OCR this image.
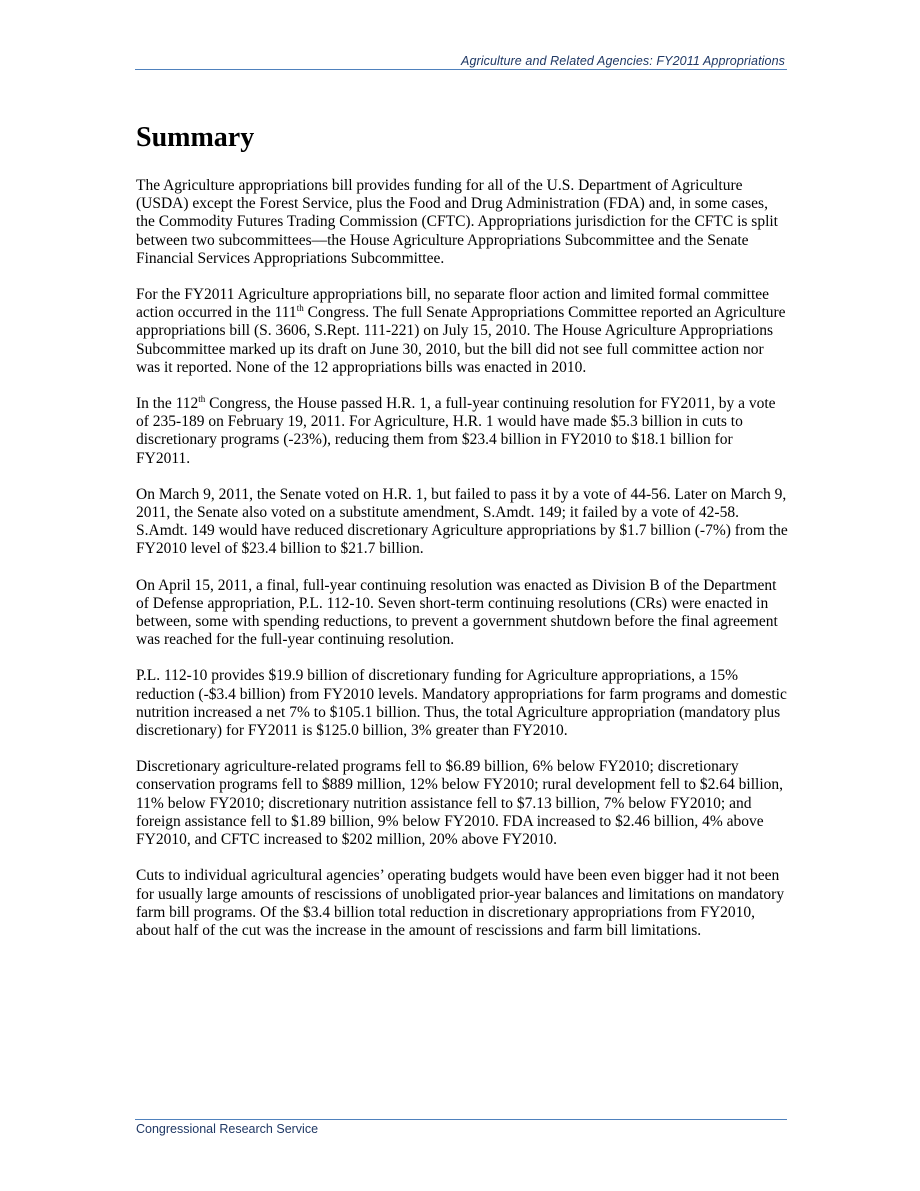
Agriculture and Related Agencies: FY2011 Appropriations
Summary

The Agriculture appropriations bill provides funding for all of the U.S. Department of Agriculture (USDA) except the Forest Service, plus the Food and Drug Administration (FDA) and, in some cases, the Commodity Futures Trading Commission (CFTC). Appropriations jurisdiction for the CFTC is split between two subcommittees—the House Agriculture Appropriations Subcommittee and the Senate Financial Services Appropriations Subcommittee.

For the FY2011 Agriculture appropriations bill, no separate floor action and limited formal committee action occurred in the 111th Congress. The full Senate Appropriations Committee reported an Agriculture appropriations bill (S. 3606, S.Rept. 111-221) on July 15, 2010. The House Agriculture Appropriations Subcommittee marked up its draft on June 30, 2010, but the bill did not see full committee action nor was it reported. None of the 12 appropriations bills was enacted in 2010.

In the 112th Congress, the House passed H.R. 1, a full-year continuing resolution for FY2011, by a vote of 235-189 on February 19, 2011. For Agriculture, H.R. 1 would have made $5.3 billion in cuts to discretionary programs (-23%), reducing them from $23.4 billion in FY2010 to $18.1 billion for FY2011.

On March 9, 2011, the Senate voted on H.R. 1, but failed to pass it by a vote of 44-56. Later on March 9, 2011, the Senate also voted on a substitute amendment, S.Amdt. 149; it failed by a vote of 42-58. S.Amdt. 149 would have reduced discretionary Agriculture appropriations by $1.7 billion (-7%) from the FY2010 level of $23.4 billion to $21.7 billion.

On April 15, 2011, a final, full-year continuing resolution was enacted as Division B of the Department of Defense appropriation, P.L. 112-10. Seven short-term continuing resolutions (CRs) were enacted in between, some with spending reductions, to prevent a government shutdown before the final agreement was reached for the full-year continuing resolution.

P.L. 112-10 provides $19.9 billion of discretionary funding for Agriculture appropriations, a 15% reduction (-$3.4 billion) from FY2010 levels. Mandatory appropriations for farm programs and domestic nutrition increased a net 7% to $105.1 billion. Thus, the total Agriculture appropriation (mandatory plus discretionary) for FY2011 is $125.0 billion, 3% greater than FY2010.

Discretionary agriculture-related programs fell to $6.89 billion, 6% below FY2010; discretionary conservation programs fell to $889 million, 12% below FY2010; rural development fell to $2.64 billion, 11% below FY2010; discretionary nutrition assistance fell to $7.13 billion, 7% below FY2010; and foreign assistance fell to $1.89 billion, 9% below FY2010. FDA increased to $2.46 billion, 4% above FY2010, and CFTC increased to $202 million, 20% above FY2010.

Cuts to individual agricultural agencies’ operating budgets would have been even bigger had it not been for usually large amounts of rescissions of unobligated prior-year balances and limitations on mandatory farm bill programs. Of the $3.4 billion total reduction in discretionary appropriations from FY2010, about half of the cut was the increase in the amount of rescissions and farm bill limitations.

Congressional Research Service
